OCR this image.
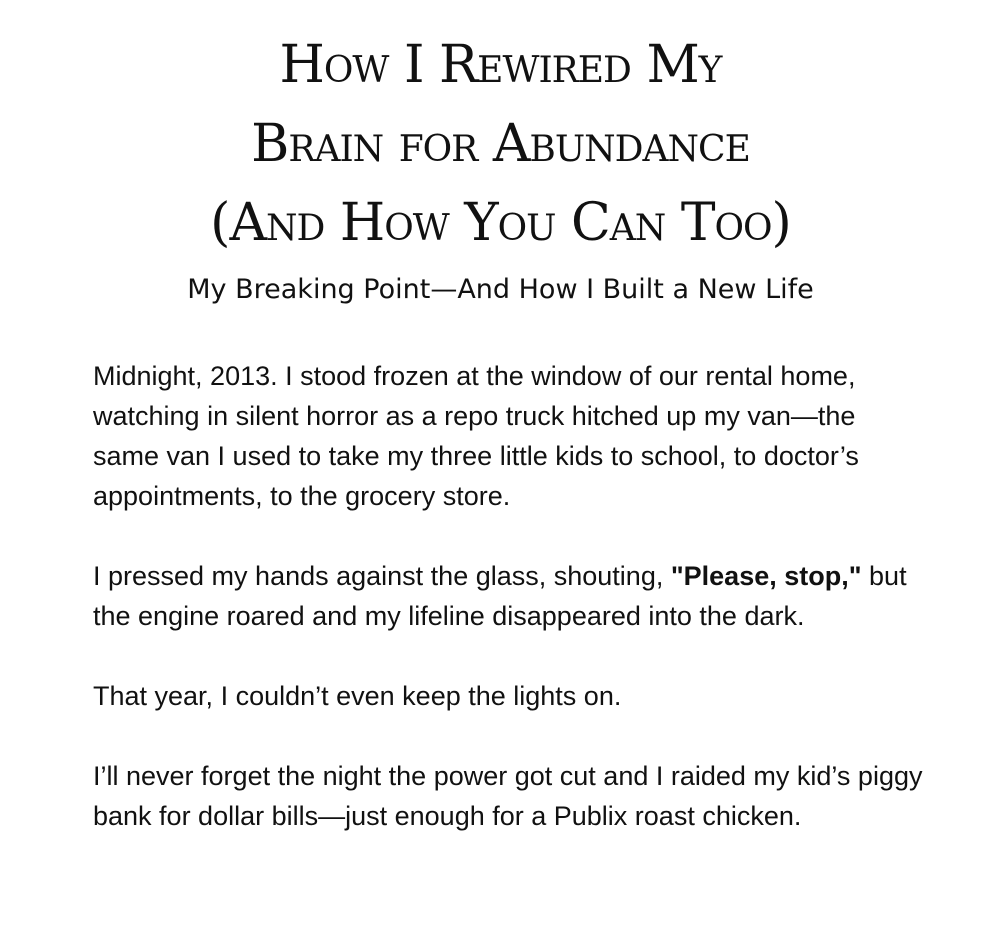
How I Rewired My
Brain for Abundance
(And How You Can Too)
My Breaking Point—And How I Built a New Life

Midnight, 2013. I stood frozen at the window of our rental home, watching in silent horror as a repo truck hitched up my van—the same van I used to take my three little kids to school, to doctor’s appointments, to the grocery store.

I pressed my hands against the glass, shouting, "Please, stop," but the engine roared and my lifeline disappeared into the dark.

That year, I couldn’t even keep the lights on.

I’ll never forget the night the power got cut and I raided my kid’s piggy bank for dollar bills—just enough for a Publix roast chicken.
